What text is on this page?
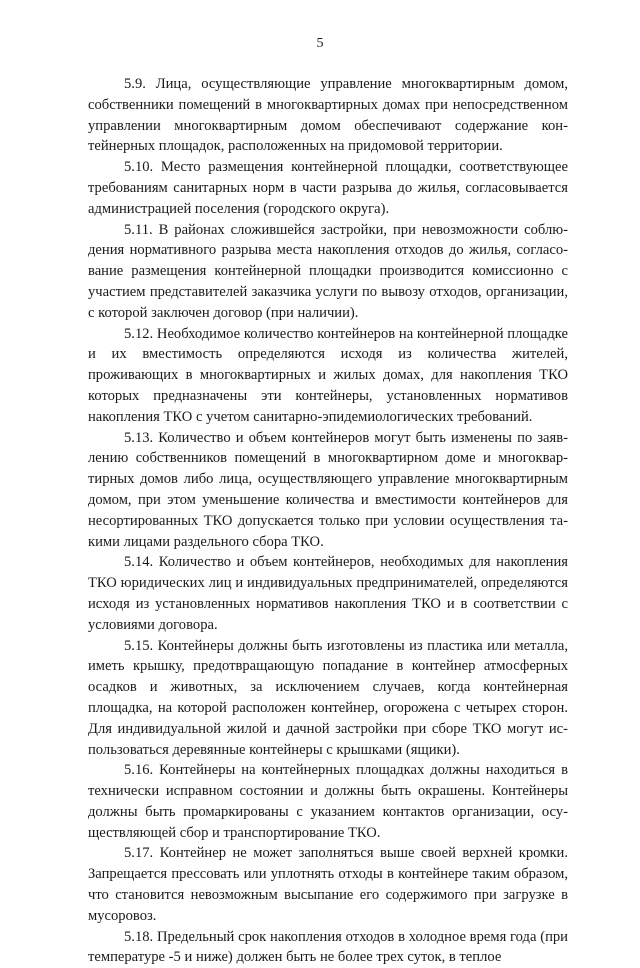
5

5.9. Лица, осуществляющие управление многоквартирным домом, собственники помещений в многоквартирных домах при непосредственном управлении многоквартирным домом обеспечивают содержание контейнерных площадок, расположенных на придомовой территории.

5.10. Место размещения контейнерной площадки, соответствующее требованиям санитарных норм в части разрыва до жилья, согласовывается администрацией поселения (городского округа).

5.11. В районах сложившейся застройки, при невозможности соблюдения нормативного разрыва места накопления отходов до жилья, согласование размещения контейнерной площадки производится комиссионно с участием представителей заказчика услуги по вывозу отходов, организации, с которой заключен договор (при наличии).

5.12. Необходимое количество контейнеров на контейнерной площадке и их вместимость определяются исходя из количества жителей, проживающих в многоквартирных и жилых домах, для накопления ТКО которых предназначены эти контейнеры, установленных нормативов накопления ТКО с учетом санитарно-эпидемиологических требований.

5.13. Количество и объем контейнеров могут быть изменены по заявлению собственников помещений в многоквартирном доме и многоквартирных домов либо лица, осуществляющего управление многоквартирным домом, при этом уменьшение количества и вместимости контейнеров для несортированных ТКО допускается только при условии осуществления такими лицами раздельного сбора ТКО.

5.14. Количество и объем контейнеров, необходимых для накопления ТКО юридических лиц и индивидуальных предпринимателей, определяются исходя из установленных нормативов накопления ТКО и в соответствии с условиями договора.

5.15. Контейнеры должны быть изготовлены из пластика или металла, иметь крышку, предотвращающую попадание в контейнер атмосферных осадков и животных, за исключением случаев, когда контейнерная площадка, на которой расположен контейнер, огорожена с четырех сторон. Для индивидуальной жилой и дачной застройки при сборе ТКО могут использоваться деревянные контейнеры с крышками (ящики).

5.16. Контейнеры на контейнерных площадках должны находиться в технически исправном состоянии и должны быть окрашены. Контейнеры должны быть промаркированы с указанием контактов организации, осуществляющей сбор и транспортирование ТКО.

5.17. Контейнер не может заполняться выше своей верхней кромки. Запрещается прессовать или уплотнять отходы в контейнере таким образом, что становится невозможным высыпание его содержимого при загрузке в мусоровоз.

5.18. Предельный срок накопления отходов в холодное время года (при температуре -5 и ниже) должен быть не более трех суток, в теплое
